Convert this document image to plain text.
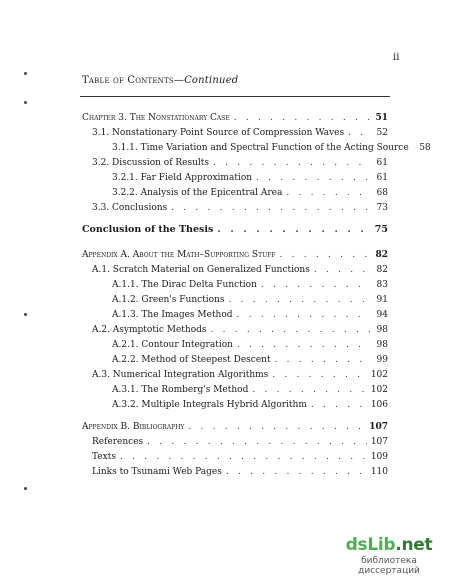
ii
Table of Contents—Continued
Chapter 3. The Nonstationary Case . . .	51
3.1. Nonstationary Point Source of Compression Waves . . .	52
3.1.1. Time Variation and Spectral Function of the Acting Source 58
3.2. Discussion of Results . . .	61
3.2.1. Far Field Approximation . . .	61
3.2.2. Analysis of the Epicentral Area . . .	68
3.3. Conclusions . . .	73
Conclusion of the Thesis . . .	75
Appendix A. About the Math–Supporting Stuff . . .	82
A.1. Scratch Material on Generalized Functions . . .	82
A.1.1. The Dirac Delta Function . . .	83
A.1.2. Green's Functions . . .	91
A.1.3. The Images Method . . .	94
A.2. Asymptotic Methods . . .	98
A.2.1. Contour Integration . . .	98
A.2.2. Method of Steepest Descent . . .	99
A.3. Numerical Integration Algorithms . . .	102
A.3.1. The Romberg's Method . . .	102
A.3.2. Multiple Integrals Hybrid Algorithm . . .	106
Appendix B. Bibliography . . .	107
References . . .	107
Texts . . .	109
Links to Tsunami Web Pages . . .	110
dsLib.net
библиотека диссертаций
